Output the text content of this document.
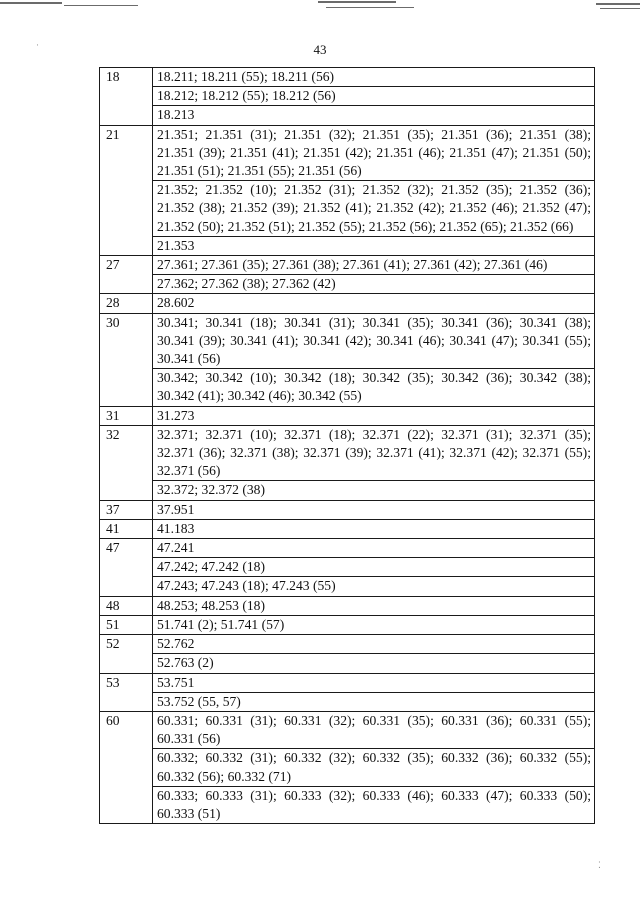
43
18	18.211; 18.211 (55); 18.211 (56)
	18.212; 18.212 (55); 18.212 (56)
	18.213
21	21.351; 21.351 (31); 21.351 (32); 21.351 (35); 21.351 (36); 21.351 (38); 21.351 (39); 21.351 (41); 21.351 (42); 21.351 (46); 21.351 (47); 21.351 (50); 21.351 (51); 21.351 (55); 21.351 (56)
	21.352; 21.352 (10); 21.352 (31); 21.352 (32); 21.352 (35); 21.352 (36); 21.352 (38); 21.352 (39); 21.352 (41); 21.352 (42); 21.352 (46); 21.352 (47); 21.352 (50); 21.352 (51); 21.352 (55); 21.352 (56); 21.352 (65); 21.352 (66)
	21.353
27	27.361; 27.361 (35); 27.361 (38); 27.361 (41); 27.361 (42); 27.361 (46)
	27.362; 27.362 (38); 27.362 (42)
28	28.602
30	30.341; 30.341 (18); 30.341 (31); 30.341 (35); 30.341 (36); 30.341 (38); 30.341 (39); 30.341 (41); 30.341 (42); 30.341 (46); 30.341 (47); 30.341 (55); 30.341 (56)
	30.342; 30.342 (10); 30.342 (18); 30.342 (35); 30.342 (36); 30.342 (38); 30.342 (41); 30.342 (46); 30.342 (55)
31	31.273
32	32.371; 32.371 (10); 32.371 (18); 32.371 (22); 32.371 (31); 32.371 (35); 32.371 (36); 32.371 (38); 32.371 (39); 32.371 (41); 32.371 (42); 32.371 (55); 32.371 (56)
	32.372; 32.372 (38)
37	37.951
41	41.183
47	47.241
	47.242; 47.242 (18)
	47.243; 47.243 (18); 47.243 (55)
48	48.253; 48.253 (18)
51	51.741 (2); 51.741 (57)
52	52.762
	52.763 (2)
53	53.751
	53.752 (55, 57)
60	60.331; 60.331 (31); 60.331 (32); 60.331 (35); 60.331 (36); 60.331 (55); 60.331 (56)
	60.332; 60.332 (31); 60.332 (32); 60.332 (35); 60.332 (36); 60.332 (55); 60.332 (56); 60.332 (71)
	60.333; 60.333 (31); 60.333 (32); 60.333 (46); 60.333 (47); 60.333 (50); 60.333 (51)
⁚
·
